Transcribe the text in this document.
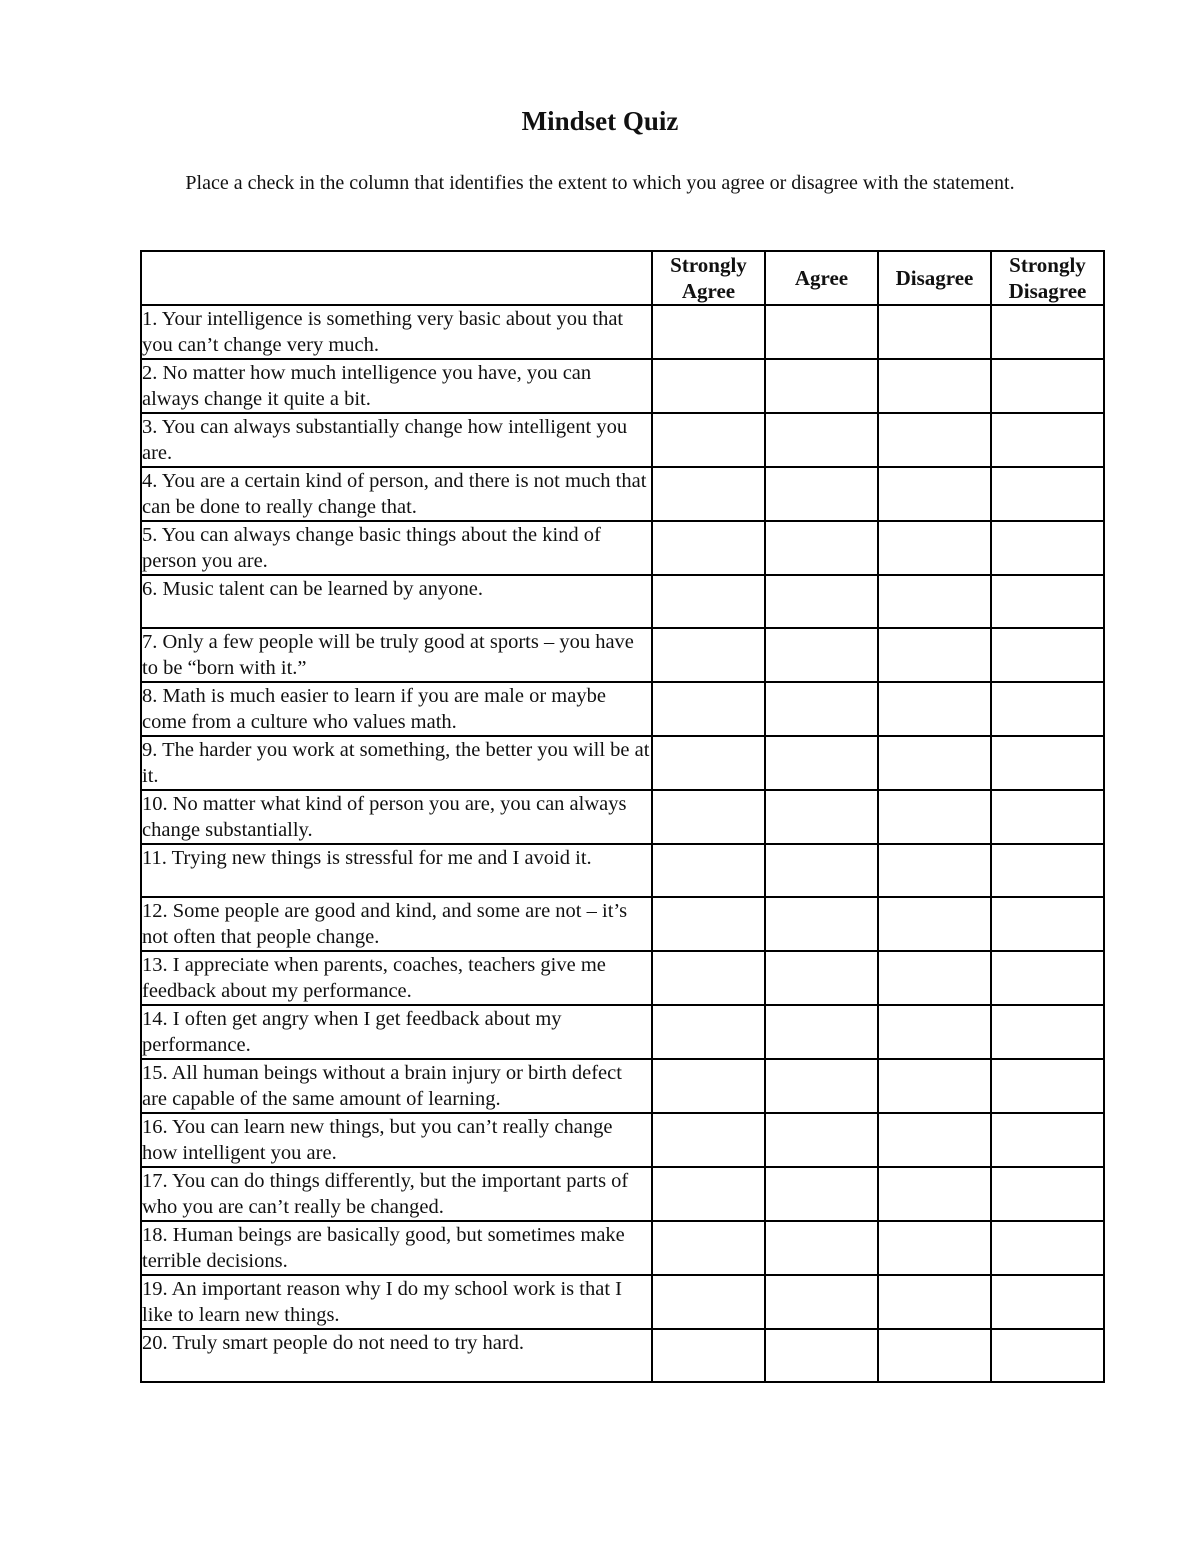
Mindset Quiz

Place a check in the column that identifies the extent to which you agree or disagree with the statement.

	Strongly Agree	Agree	Disagree	Strongly Disagree
1. Your intelligence is something very basic about you that you can’t change very much.				
2. No matter how much intelligence you have, you can always change it quite a bit.				
3. You can always substantially change how intelligent you are.				
4. You are a certain kind of person, and there is not much that can be done to really change that.				
5. You can always change basic things about the kind of person you are.				
6. Music talent can be learned by anyone.				
7. Only a few people will be truly good at sports – you have to be “born with it.”				
8. Math is much easier to learn if you are male or maybe come from a culture who values math.				
9. The harder you work at something, the better you will be at it.				
10. No matter what kind of person you are, you can always change substantially.				
11. Trying new things is stressful for me and I avoid it.				
12. Some people are good and kind, and some are not – it’s not often that people change.				
13. I appreciate when parents, coaches, teachers give me feedback about my performance.				
14. I often get angry when I get feedback about my performance.				
15. All human beings without a brain injury or birth defect are capable of the same amount of learning.				
16. You can learn new things, but you can’t really change how intelligent you are.				
17. You can do things differently, but the important parts of who you are can’t really be changed.				
18. Human beings are basically good, but sometimes make terrible decisions.				
19. An important reason why I do my school work is that I like to learn new things.				
20. Truly smart people do not need to try hard.				
